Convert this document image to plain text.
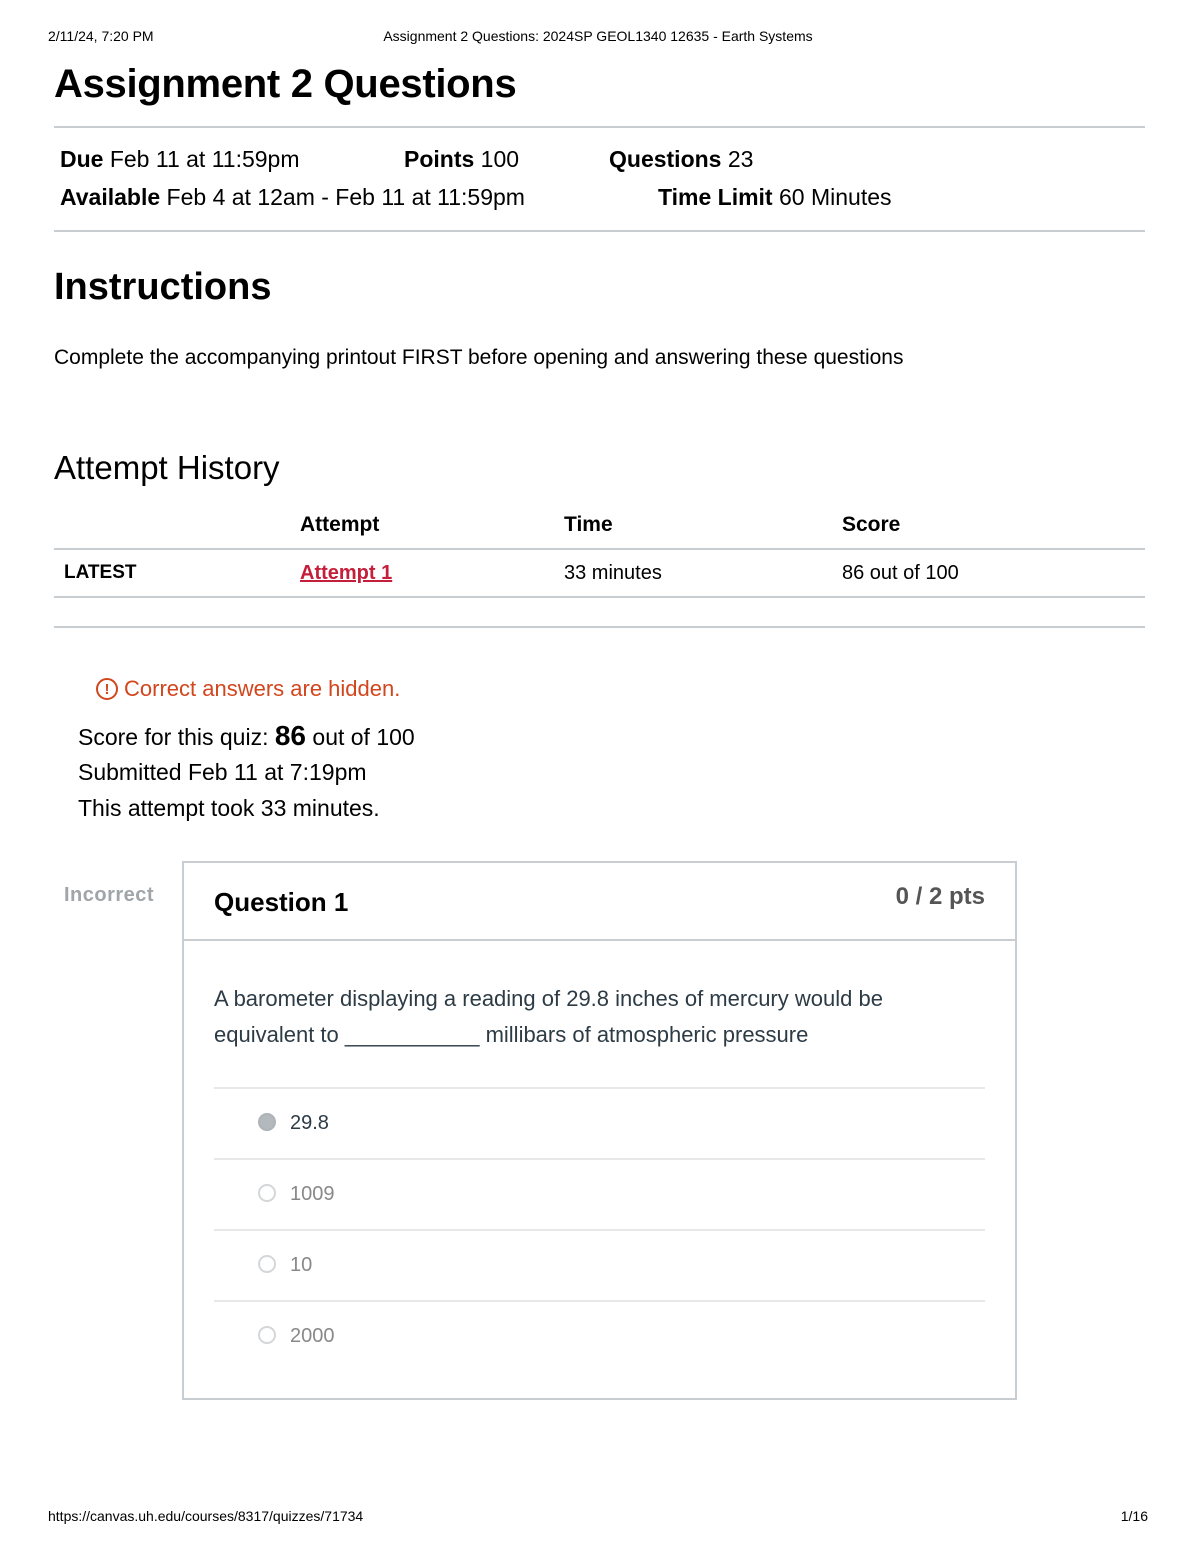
2/11/24, 7:20 PM	Assignment 2 Questions: 2024SP GEOL1340 12635 - Earth Systems
Assignment 2 Questions
Due Feb 11 at 11:59pm	Points 100	Questions 23
Available Feb 4 at 12am - Feb 11 at 11:59pm	Time Limit 60 Minutes
Instructions
Complete the accompanying printout FIRST before opening and answering these questions
Attempt History
	Attempt	Time	Score
LATEST	Attempt 1	33 minutes	86 out of 100
! Correct answers are hidden.
Score for this quiz: 86 out of 100
Submitted Feb 11 at 7:19pm
This attempt took 33 minutes.
Incorrect Question 1	0 / 2 pts
A barometer displaying a reading of 29.8 inches of mercury would be equivalent to ___________ millibars of atmospheric pressure
29.8
1009
10
2000
https://canvas.uh.edu/courses/8317/quizzes/71734	1/16
